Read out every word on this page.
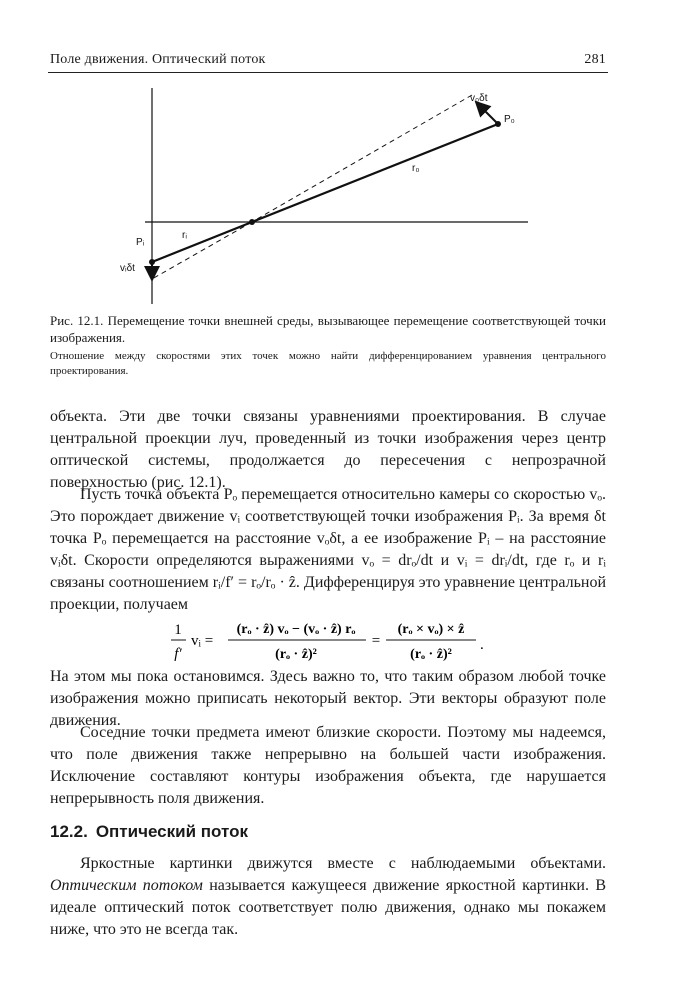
Поле движения. Оптический поток	281
v₀δt
P₀
r₀
rᵢ
Pᵢ
vᵢδt
Рис. 12.1. Перемещение точки внешней среды, вызывающее перемещение соответствующей точки изображения.
Отношение между скоростями этих точек можно найти дифференцированием уравнения центрального проектирования.
объекта. Эти две точки связаны уравнениями проектирования. В случае центральной проекции луч, проведенный из точки изображения через центр оптической системы, продолжается до пересечения с непрозрачной поверхностью (рис. 12.1).
Пусть точка объекта Pₒ перемещается относительно камеры со скоростью vₒ. Это порождает движение vᵢ соответствующей точки изображения Pᵢ. За время δt точка Pₒ перемещается на расстояние vₒδt, а ее изображение Pᵢ – на расстояние vᵢδt. Скорости определяются выражениями vₒ = drₒ/dt и vᵢ = drᵢ/dt, где rₒ и rᵢ связаны соотношением rᵢ/f′ = rₒ/rₒ · ẑ. Дифференцируя это уравнение центральной проекции, получаем
1
f′
vᵢ =
(rₒ · ẑ) vₒ − (vₒ · ẑ) rₒ
(rₒ · ẑ)²
=
(rₒ × vₒ) × ẑ
(rₒ · ẑ)²
.
На этом мы пока остановимся. Здесь важно то, что таким образом любой точке изображения можно приписать некоторый вектор. Эти векторы образуют поле движения.
Соседние точки предмета имеют близкие скорости. Поэтому мы надеемся, что поле движения также непрерывно на большей части изображения. Исключение составляют контуры изображения объекта, где нарушается непрерывность поля движения.
12.2. Оптический поток
Яркостные картинки движутся вместе с наблюдаемыми объектами. Оптическим потоком называется кажущееся движение яркостной картинки. В идеале оптический поток соответствует полю движения, однако мы покажем ниже, что это не всегда так.
